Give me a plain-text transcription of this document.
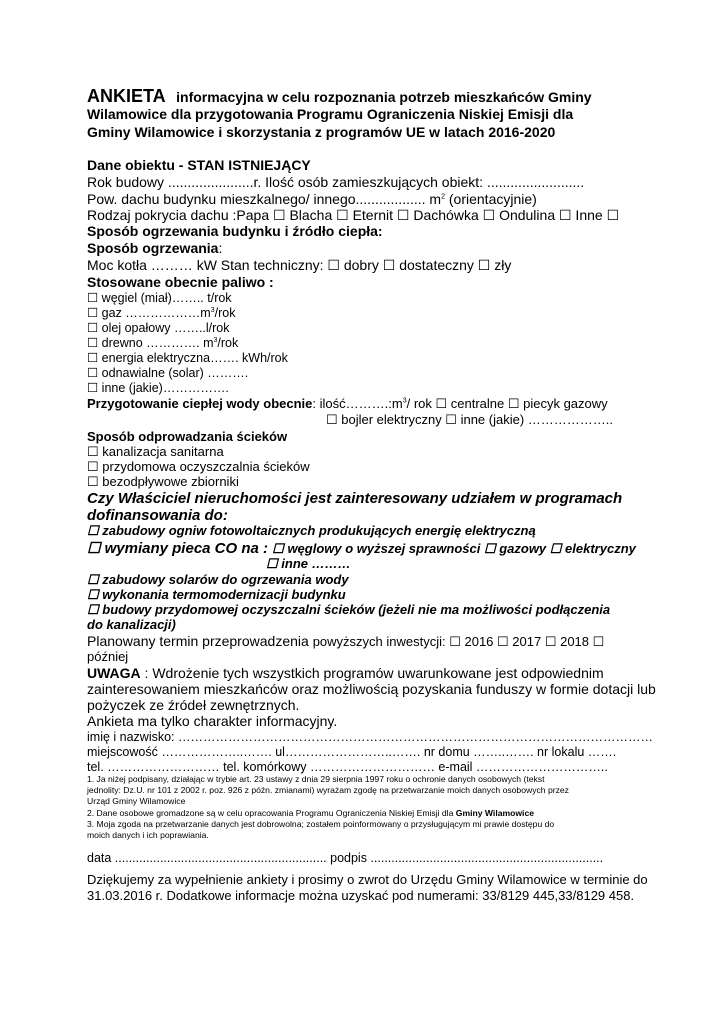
ANKIETA informacyjna w celu rozpoznania potrzeb mieszkańców Gminy
Wilamowice dla przygotowania Programu Ograniczenia Niskiej Emisji dla
Gminy Wilamowice i skorzystania z programów UE w latach 2016-2020
Dane obiektu - STAN ISTNIEJĄCY
Rok budowy ......................r. Ilość osób zamieszkujących obiekt: .........................
Pow. dachu budynku mieszkalnego/ innego.................. $m^2$ (orientacyjnie)
Rodzaj pokrycia dachu :Papa ☐ Blacha ☐ Eternit ☐ Dachówka ☐ Ondulina ☐ Inne ☐
Sposób ogrzewania budynku i źródło ciepła:
Sposób ogrzewania:
Moc kotła ……… kW Stan techniczny: ☐ dobry ☐ dostateczny ☐ zły
Stosowane obecnie paliwo :
☐ węgiel (miał)…….. t/rok
☐ gaz $\dots\dots\dots\dots\dots\dots m^3$/rok
☐ olej opałowy ……..l/rok
☐ drewno …………. $m^3$/rok
☐ energia elektryczna……. kWh/rok
☐ odnawialne (solar) ……….
☐ inne (jakie)…………….
Przygotowanie ciepłej wody obecnie: $ilość\dots\dots\dots.:m^3/$ rok ☐ centralne ☐ piecyk gazowy
☐ bojler elektryczny ☐ inne (jakie) ………………..
Sposób odprowadzania ścieków
☐ kanalizacja sanitarna
☐ przydomowa oczyszczalnia ścieków
☐ bezodpływowe zbiorniki
Czy Właściciel nieruchomości jest zainteresowany udziałem w programach
dofinansowania do:
☐ zabudowy ogniw fotowoltaicznych produkujących energię elektryczną
☐ wymiany pieca CO na : ☐ węglowy o wyższej sprawności ☐ gazowy ☐ elektryczny
☐ inne ………
☐ zabudowy solarów do ogrzewania wody
☐ wykonania termomodernizacji budynku
☐ budowy przydomowej oczyszczalni ścieków (jeżeli nie ma możliwości podłączenia
do kanalizacji)
Planowany termin przeprowadzenia powyższych inwestycji: ☐ 2016 ☐ 2017 ☐ 2018 ☐
później
UWAGA : Wdrożenie tych wszystkich programów uwarunkowane jest odpowiednim
zainteresowaniem mieszkańców oraz możliwością pozyskania funduszy w formie dotacji lub
pożyczek ze źródeł zewnętrznych.
Ankieta ma tylko charakter informacyjny.
imię i nazwisko: ……………………………………………………………………………………………………
miejscowość ………………..……. ul……………………..……. nr domu ……..……. nr lokalu …….
tel. ……………………… tel. komórkowy ………………………… e-mail …………………………..
1. Ja niżej podpisany, działając w trybie art. 23 ustawy z dnia 29 sierpnia 1997 roku o ochronie danych osobowych (tekst
jednolity: Dz.U. nr 101 z 2002 r. poz. 926 z późn. zmianami) wyrażam zgodę na przetwarzanie moich danych osobowych przez
Urząd Gminy Wilamowice
2. Dane osobowe gromadzone są w celu opracowania Programu Ograniczenia Niskiej Emisji dla Gminy Wilamowice
3. Moja zgoda na przetwarzanie danych jest dobrowolna; zostałem poinformowany o przysługującym mi prawie dostępu do
moich danych i ich poprawiania.
data ............................................................. podpis ...................................................................
Dziękujemy za wypełnienie ankiety i prosimy o zwrot do Urzędu Gminy Wilamowice w terminie do
31.03.2016 r. Dodatkowe informacje można uzyskać pod numerami: 33/8129 445,33/8129 458.
